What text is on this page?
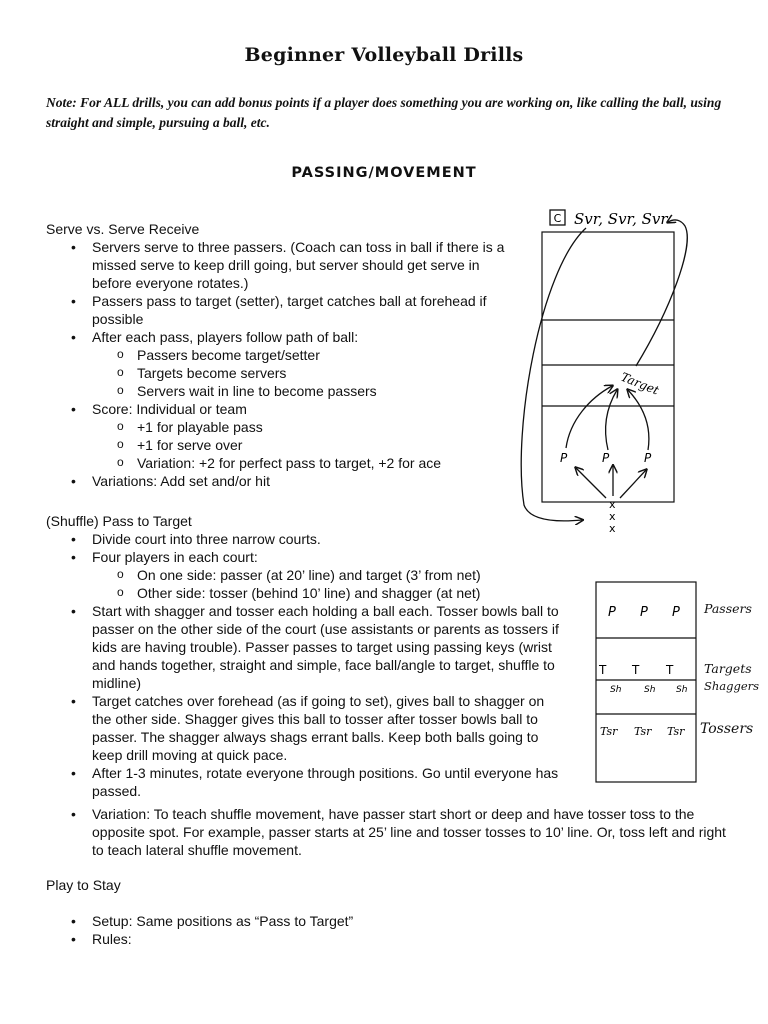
Beginner Volleyball Drills
Note: For ALL drills, you can add bonus points if a player does something you are working on, like calling the ball, using straight and simple, pursuing a ball, etc.
PASSING/MOVEMENT
Serve vs. Serve Receive
• Servers serve to three passers. (Coach can toss in ball if there is a missed serve to keep drill going, but server should get serve in before everyone rotates.)
• Passers pass to target (setter), target catches ball at forehead if possible
• After each pass, players follow path of ball:
o Passers become target/setter
o Targets become servers
o Servers wait in line to become passers
• Score: Individual or team
o +1 for playable pass
o +1 for serve over
o Variation: +2 for perfect pass to target, +2 for ace
• Variations: Add set and/or hit
(Shuffle) Pass to Target
• Divide court into three narrow courts.
• Four players in each court:
o On one side: passer (at 20’ line) and target (3’ from net)
o Other side: tosser (behind 10’ line) and shagger (at net)
• Start with shagger and tosser each holding a ball each. Tosser bowls ball to passer on the other side of the court (use assistants or parents as tossers if kids are having trouble). Passer passes to target using passing keys (wrist and hands together, straight and simple, face ball/angle to target, shuffle to midline)
• Target catches over forehead (as if going to set), gives ball to shagger on the other side. Shagger gives this ball to tosser after tosser bowls ball to passer. The shagger always shags errant balls. Keep both balls going to keep drill moving at quick pace.
• After 1-3 minutes, rotate everyone through positions. Go until everyone has passed.
• Variation: To teach shuffle movement, have passer start short or deep and have tosser toss to the opposite spot. For example, passer starts at 25’ line and tosser tosses to 10’ line. Or, toss left and right to teach lateral shuffle movement.
Play to Stay
• Setup: Same positions as “Pass to Target”
• Rules:
C Svr, Svr, Svr
Target
P	P	P
x
x
x
P P P
T T T
Sh	Sh Sh
Tsr Tsr Tsr
Passers
Targets
Shaggers
Tossers
